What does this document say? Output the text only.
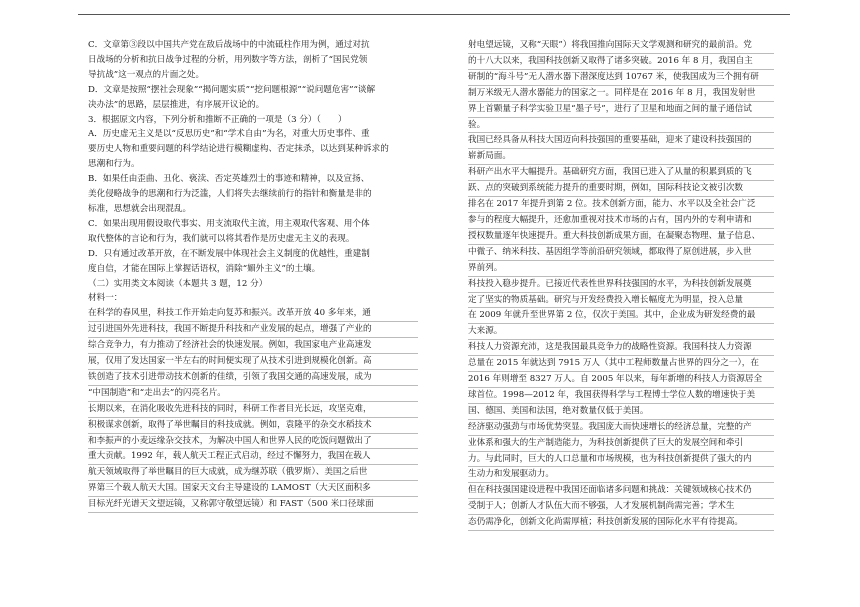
C．文章第③段以中国共产党在敌后战场中的中流砥柱作用为例，通过对抗
日战场的分析和抗日战争过程的分析，用列数字等方法，剖析了“国民党领
导抗战”这一观点的片面之处。
D．文章是按照“摆社会现象”“揭问题实质”“挖问题根源”“说问题危害”“谈解
决办法”的思路，层层推进，有序展开议论的。
3．根据原文内容，下列分析和推断不正确的一项是（3 分）（　　）
A．历史虚无主义是以“反思历史”和“学术自由”为名，对重大历史事件、重
要历史人物和重要问题的科学结论进行模糊虚构、否定抹杀，以达到某种诉求的
思潮和行为。
B．如果任由歪曲、丑化、亵渎、否定英雄烈士的事迹和精神，以及宣扬、
美化侵略战争的思潮和行为泛滥，人们将失去继续前行的指针和衡量是非的
标准，思想就会出现混乱。
C．如果出现用假设取代事实、用支流取代主流，用主观取代客观、用个体
取代整体的言论和行为，我们就可以将其看作是历史虚无主义的表现。
D．只有通过改革开放，在不断发展中体现社会主义制度的优越性，重建制
度自信，才能在国际上掌握话语权，消除“媚外主义”的土壤。
（二）实用类文本阅读（本题共 3 题，12 分）
材料一：
在科学的春风里，科技工作开始走向复苏和振兴。改革开放 40 多年来，通
过引进国外先进科技，我国不断提升科技和产业发展的起点，增强了产业的
综合竞争力，有力推动了经济社会的快速发展。例如，我国家电产业高速发
展，仅用了发达国家一半左右的时间便实现了从技术引进到规模化创新。高
铁创造了技术引进带动技术创新的佳绩，引领了我国交通的高速发展，成为
“中国制造”和“走出去”的闪亮名片。
长期以来，在消化吸收先进科技的同时，科研工作者目光长远，攻坚克难，
积极谋求创新，取得了举世瞩目的科技成就。例如，袁隆平的杂交水稻技术
和李振声的小麦远缘杂交技术，为解决中国人和世界人民的吃饭问题做出了
重大贡献。1992 年，载人航天工程正式启动，经过不懈努力，我国在载人
航天领域取得了举世瞩目的巨大成就，成为继苏联（俄罗斯）、美国之后世
界第三个载人航天大国。国家天文台主导建设的 LAMOST（大天区面积多
目标光纤光谱天文望远镜，又称郭守敬望远镜）和 FAST（500 米口径球面
射电望远镜，又称“天眼”）将我国推向国际天文学观测和研究的最前沿。党
的十八大以来，我国科技创新又取得了诸多突破。2016 年 8 月，我国自主
研制的“海斗号”无人潜水器下潜深度达到 10767 米，使我国成为三个拥有研
制万米级无人潜水器能力的国家之一。同样是在 2016 年 8 月，我国发射世
界上首颗量子科学实验卫星“墨子号”，进行了卫星和地面之间的量子通信试
验。
我国已经具备从科技大国迈向科技强国的重要基础，迎来了建设科技强国的
崭新局面。
科研产出水平大幅提升。基础研究方面，我国已进入了从量的积累到质的飞
跃、点的突破到系统能力提升的重要时期，例如，国际科技论文被引次数
排名在 2017 年提升到第 2 位。技术创新方面，能力、水平以及全社会广泛
参与的程度大幅提升，还愈加重视对技术市场的占有，国内外的专利申请和
授权数量逐年快速提升。重大科技创新成果方面，在凝聚态物理、量子信息、
中微子、纳米科技、基因组学等前沿研究领域，都取得了原创进展，步入世
界前列。
科技投入稳步提升。已接近代表性世界科技强国的水平，为科技创新发展奠
定了坚实的物质基础。研究与开发经费投入增长幅度尤为明显，投入总量
在 2009 年就升至世界第 2 位，仅次于美国。其中，企业成为研发经费的最
大来源。
科技人力资源充沛，这是我国最具竞争力的战略性资源。我国科技人力资源
总量在 2015 年就达到 7915 万人（其中工程师数量占世界的四分之一），在
2016 年则增至 8327 万人。自 2005 年以来，每年新增的科技人力资源居全
球首位。1998—2012 年，我国获得科学与工程博士学位人数的增速快于美
国、德国、美国和法国，绝对数量仅低于美国。
经济驱动强劲与市场优势突显。我国庞大而快速增长的经济总量，完整的产
业体系和强大的生产制造能力，为科技创新提供了巨大的发展空间和牵引
力。与此同时，巨大的人口总量和市场规模，也为科技创新提供了强大的内
生动力和发展驱动力。
但在科技强国建设进程中我国还面临诸多问题和挑战：关键领域核心技术仍
受制于人；创新人才队伍大而不够强，人才发展机制尚需完善；学术生
态仍需净化，创新文化尚需厚植；科技创新发展的国际化水平有待提高。
